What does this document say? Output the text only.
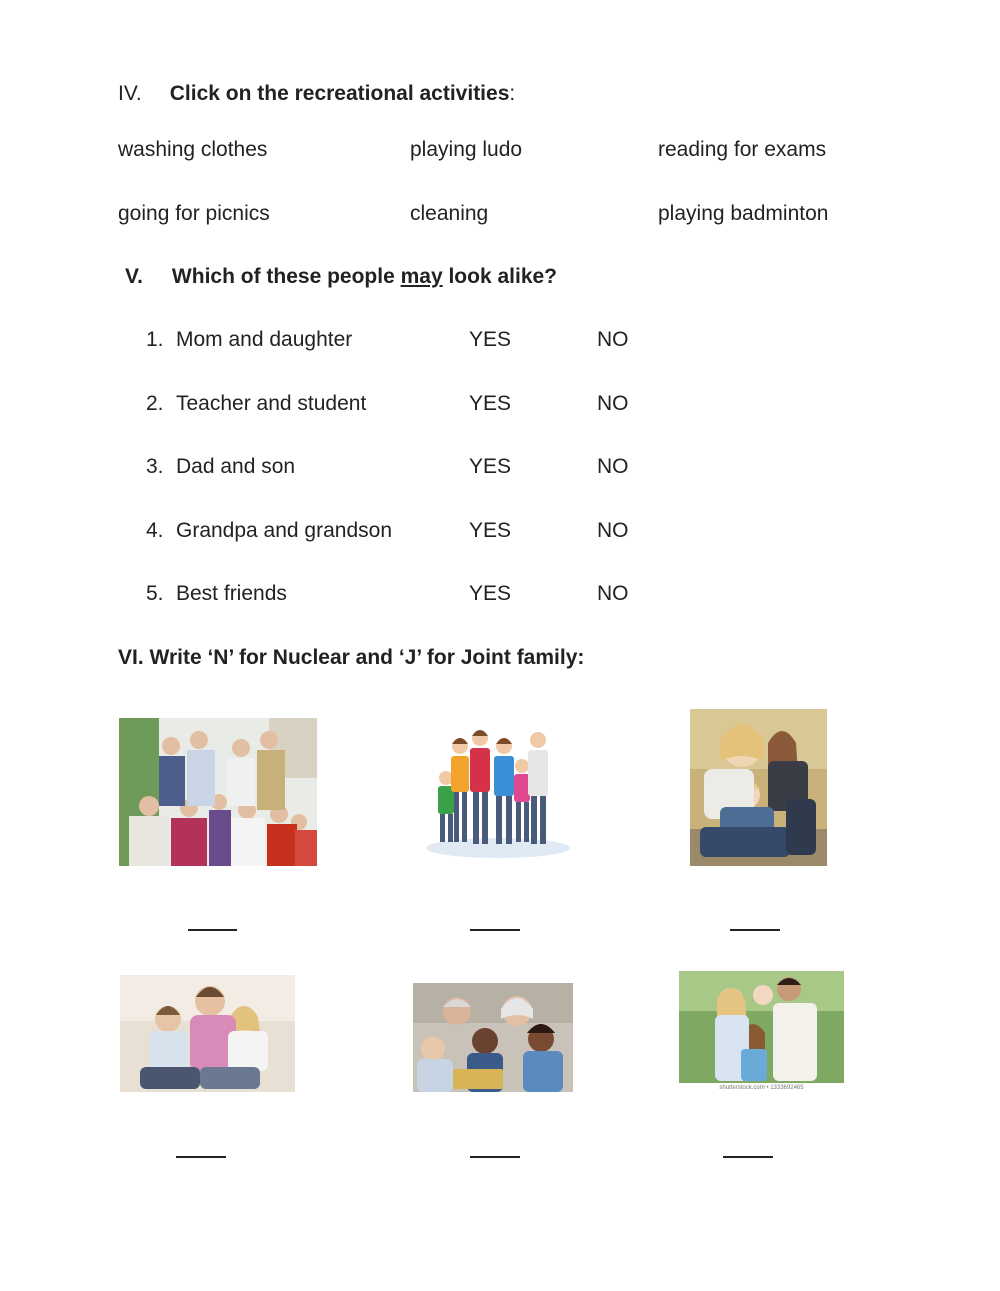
IV. Click on the recreational activities:
washing clothes	playing ludo	reading for exams
going for picnics	cleaning	playing badminton
V. Which of these people may look alike?
1. Mom and daughter	YES	NO
2. Teacher and student	YES	NO
3. Dad and son	YES	NO
4. Grandpa and grandson	YES	NO
5. Best friends	YES	NO
VI. Write ‘N’ for Nuclear and ‘J’ for Joint family:
shutterstock.com • 1333692465
